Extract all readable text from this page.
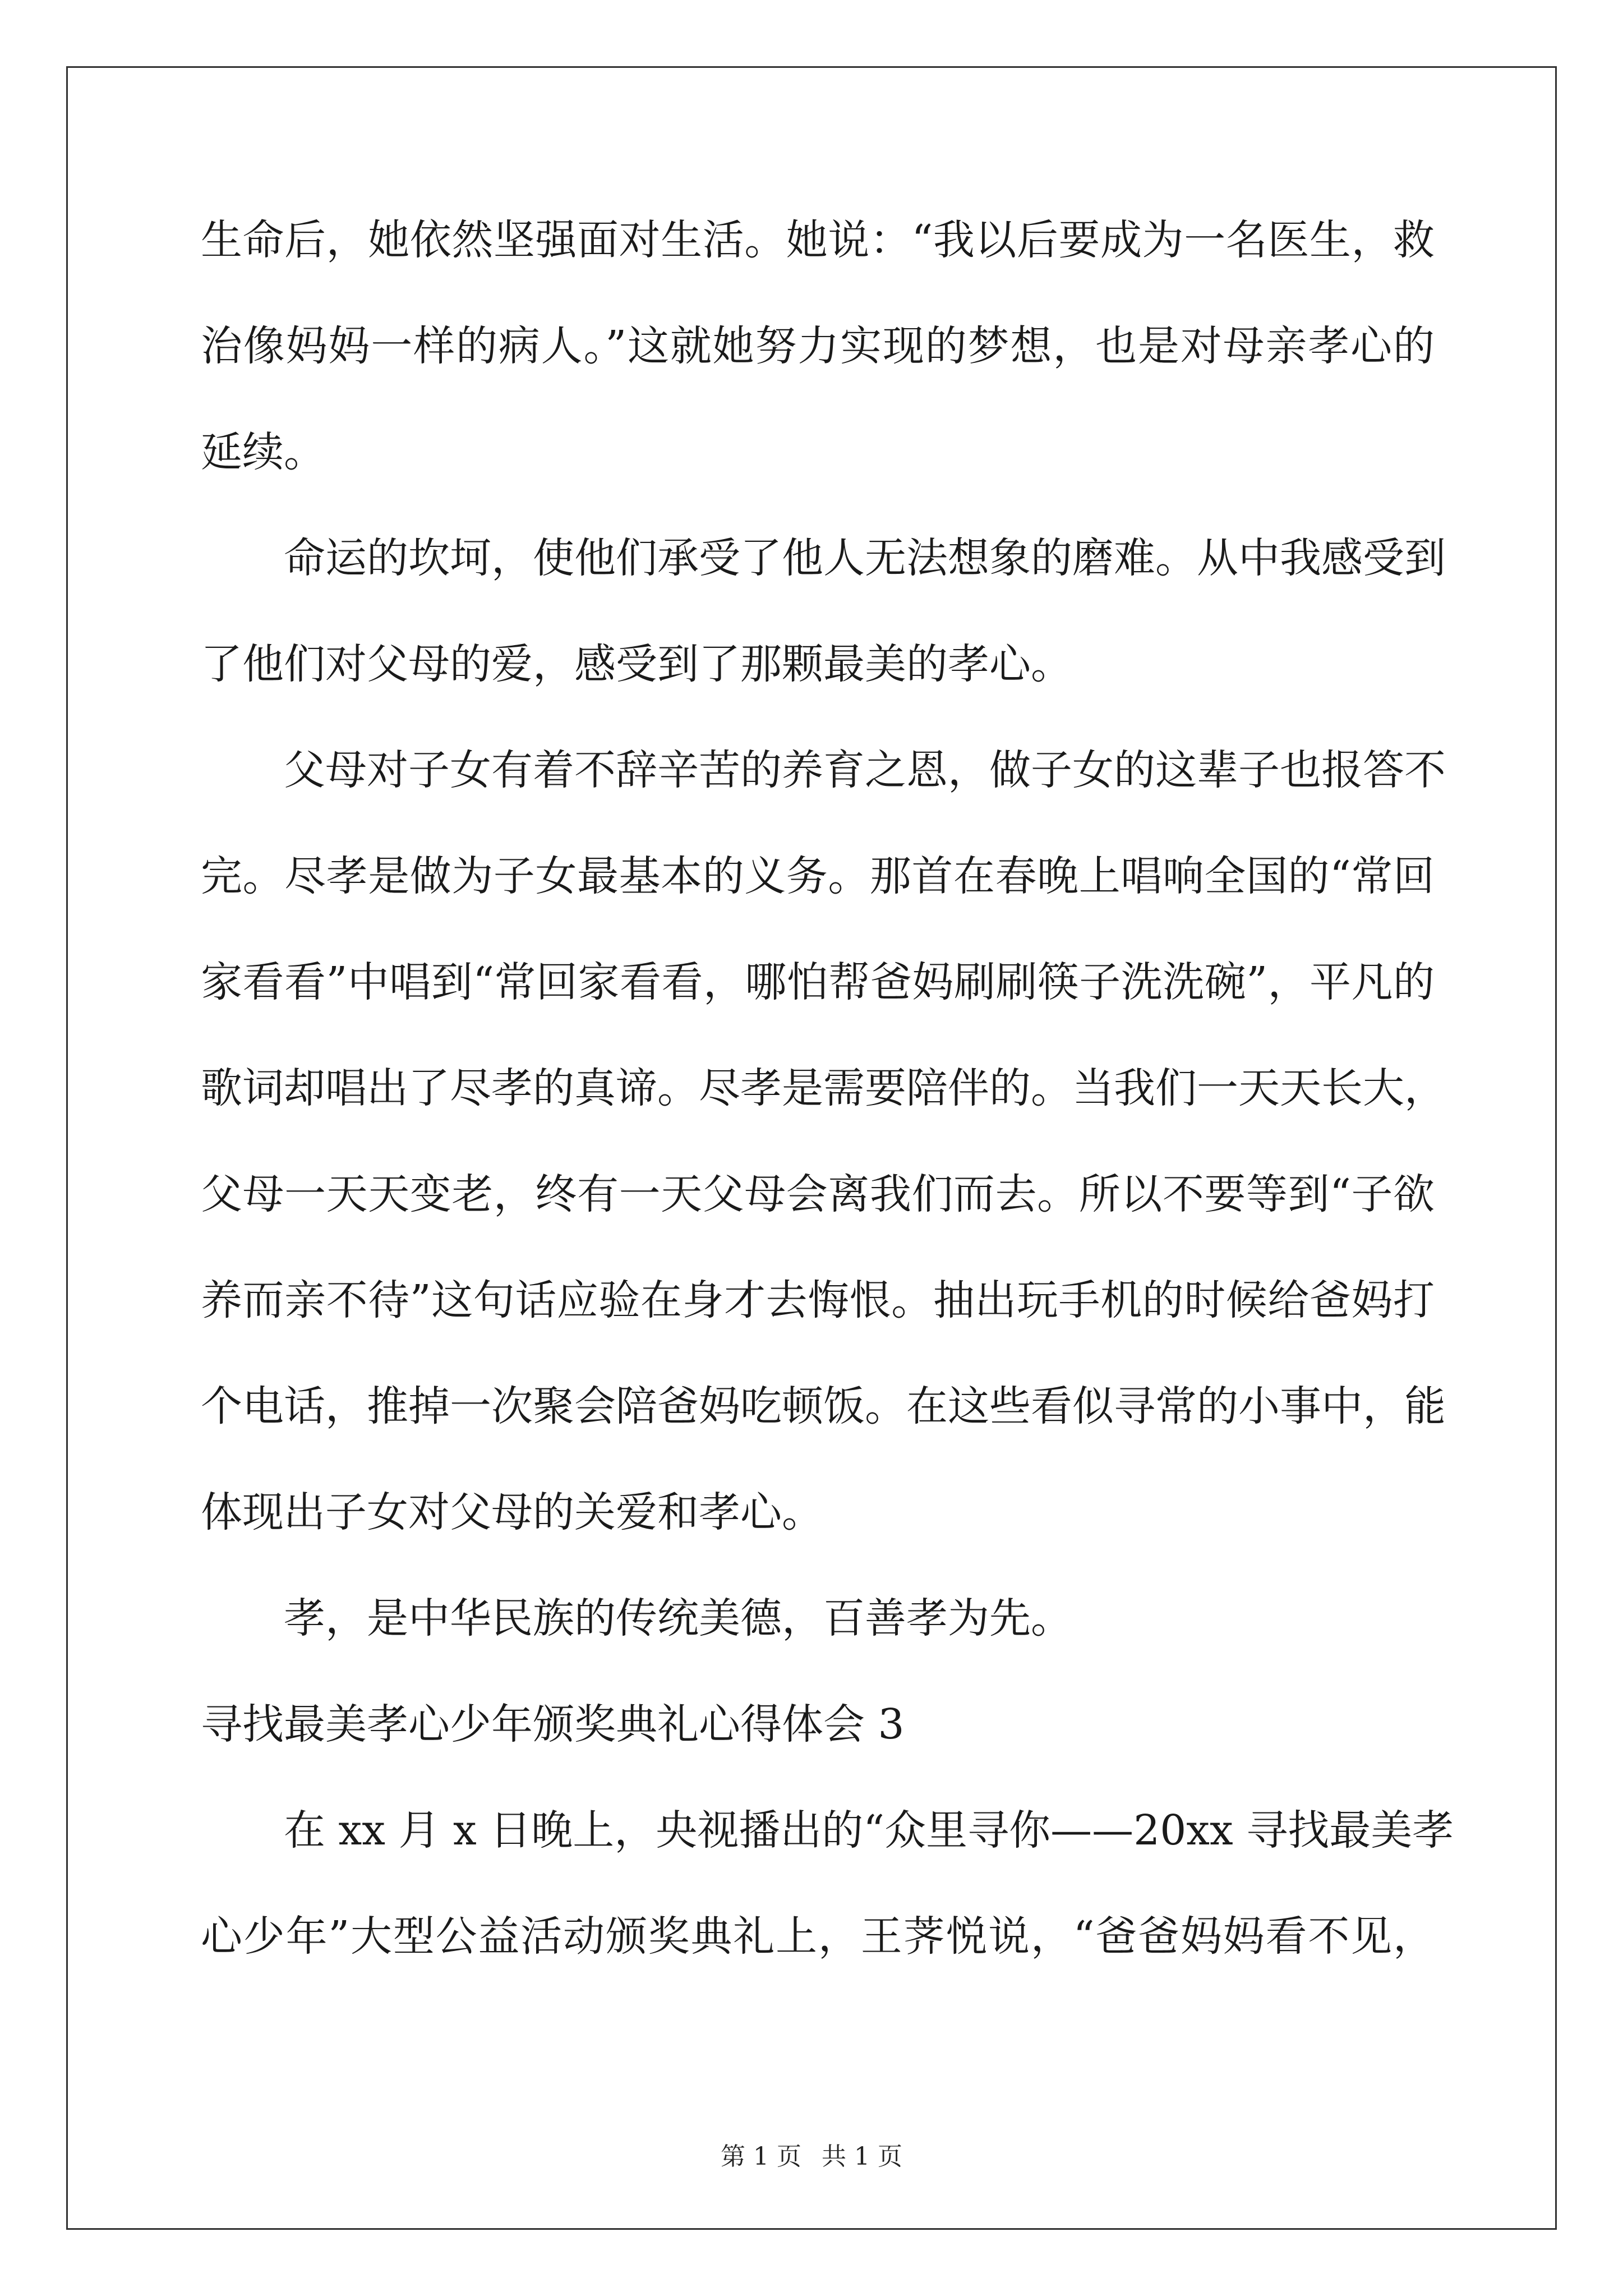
生命后，她依然坚强面对生活。她说：“我以后要成为一名医生，救
治像妈妈一样的病人。”这就她努力实现的梦想，也是对母亲孝心的
延续。
命运的坎坷，使他们承受了他人无法想象的磨难。从中我感受到
了他们对父母的爱，感受到了那颗最美的孝心。
父母对子女有着不辞辛苦的养育之恩，做子女的这辈子也报答不
完。尽孝是做为子女最基本的义务。那首在春晚上唱响全国的“常回
家看看”中唱到“常回家看看，哪怕帮爸妈刷刷筷子洗洗碗”，平凡的
歌词却唱出了尽孝的真谛。尽孝是需要陪伴的。当我们一天天长大，
父母一天天变老，终有一天父母会离我们而去。所以不要等到“子欲
养而亲不待”这句话应验在身才去悔恨。抽出玩手机的时候给爸妈打
个电话，推掉一次聚会陪爸妈吃顿饭。在这些看似寻常的小事中，能
体现出子女对父母的关爱和孝心。
孝，是中华民族的传统美德，百善孝为先。
寻找最美孝心少年颁奖典礼心得体会 3
在 xx 月 x 日晚上，央视播出的“众里寻你——20xx 寻找最美孝
心少年”大型公益活动颁奖典礼上，王荠悦说，“爸爸妈妈看不见，
第 1 页 共 1 页
